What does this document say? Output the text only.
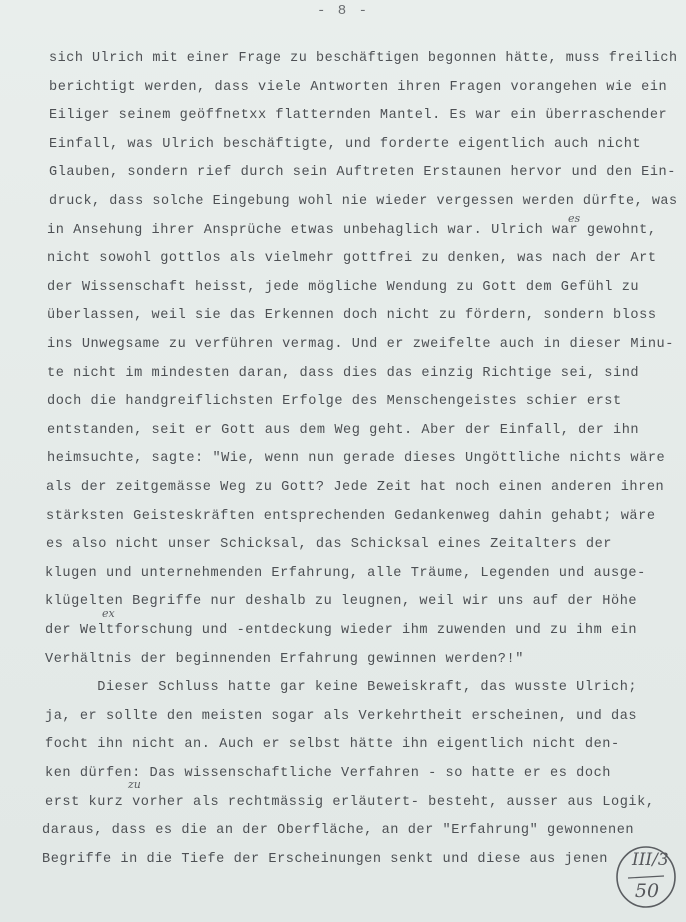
- 8 -
sich Ulrich mit einer Frage zu beschäftigen begonnen hätte, muss freilich
berichtigt werden, dass viele Antworten ihren Fragen vorangehen wie ein
Eiliger seinem geöffnetxx flatternden Mantel. Es war ein überraschender
Einfall, was Ulrich beschäftigte, und forderte eigentlich auch nicht
Glauben, sondern rief durch sein Auftreten Erstaunen hervor und den Ein-
druck, dass solche Eingebung wohl nie wieder vergessen werden dürfte, was
in Ansehung ihrer Ansprüche etwas unbehaglich war. Ulrich war gewohnt,
nicht sowohl gottlos als vielmehr gottfrei zu denken, was nach der Art
der Wissenschaft heisst, jede mögliche Wendung zu Gott dem Gefühl zu
überlassen, weil sie das Erkennen doch nicht zu fördern, sondern bloss
ins Unwegsame zu verführen vermag. Und er zweifelte auch in dieser Minu-
te nicht im mindesten daran, dass dies das einzig Richtige sei, sind
doch die handgreiflichsten Erfolge des Menschengeistes schier erst
entstanden, seit er Gott aus dem Weg geht. Aber der Einfall, der ihn
heimsuchte, sagte: "Wie, wenn nun gerade dieses Ungöttliche nichts wäre
als der zeitgemässe Weg zu Gott? Jede Zeit hat noch einen anderen ihren
stärksten Geisteskräften entsprechenden Gedankenweg dahin gehabt; wäre
es also nicht unser Schicksal, das Schicksal eines Zeitalters der
klugen und unternehmenden Erfahrung, alle Träume, Legenden und ausge-
klügelten Begriffe nur deshalb zu leugnen, weil wir uns auf der Höhe
der Weltforschung und -entdeckung wieder ihm zuwenden und zu ihm ein
Verhältnis der beginnenden Erfahrung gewinnen werden?!"
Dieser Schluss hatte gar keine Beweiskraft, das wusste Ulrich;
ja, er sollte den meisten sogar als Verkehrtheit erscheinen, und das
focht ihn nicht an. Auch er selbst hätte ihn eigentlich nicht den-
ken dürfen: Das wissenschaftliche Verfahren - so hatte er es doch
erst kurz vorher als rechtmässig erläutert- besteht, ausser aus Logik,
daraus, dass es die an der Oberfläche, an der "Erfahrung" gewonnenen
Begriffe in die Tiefe der Erscheinungen senkt und diese aus jenen
es
ex
zu
III/3
50
